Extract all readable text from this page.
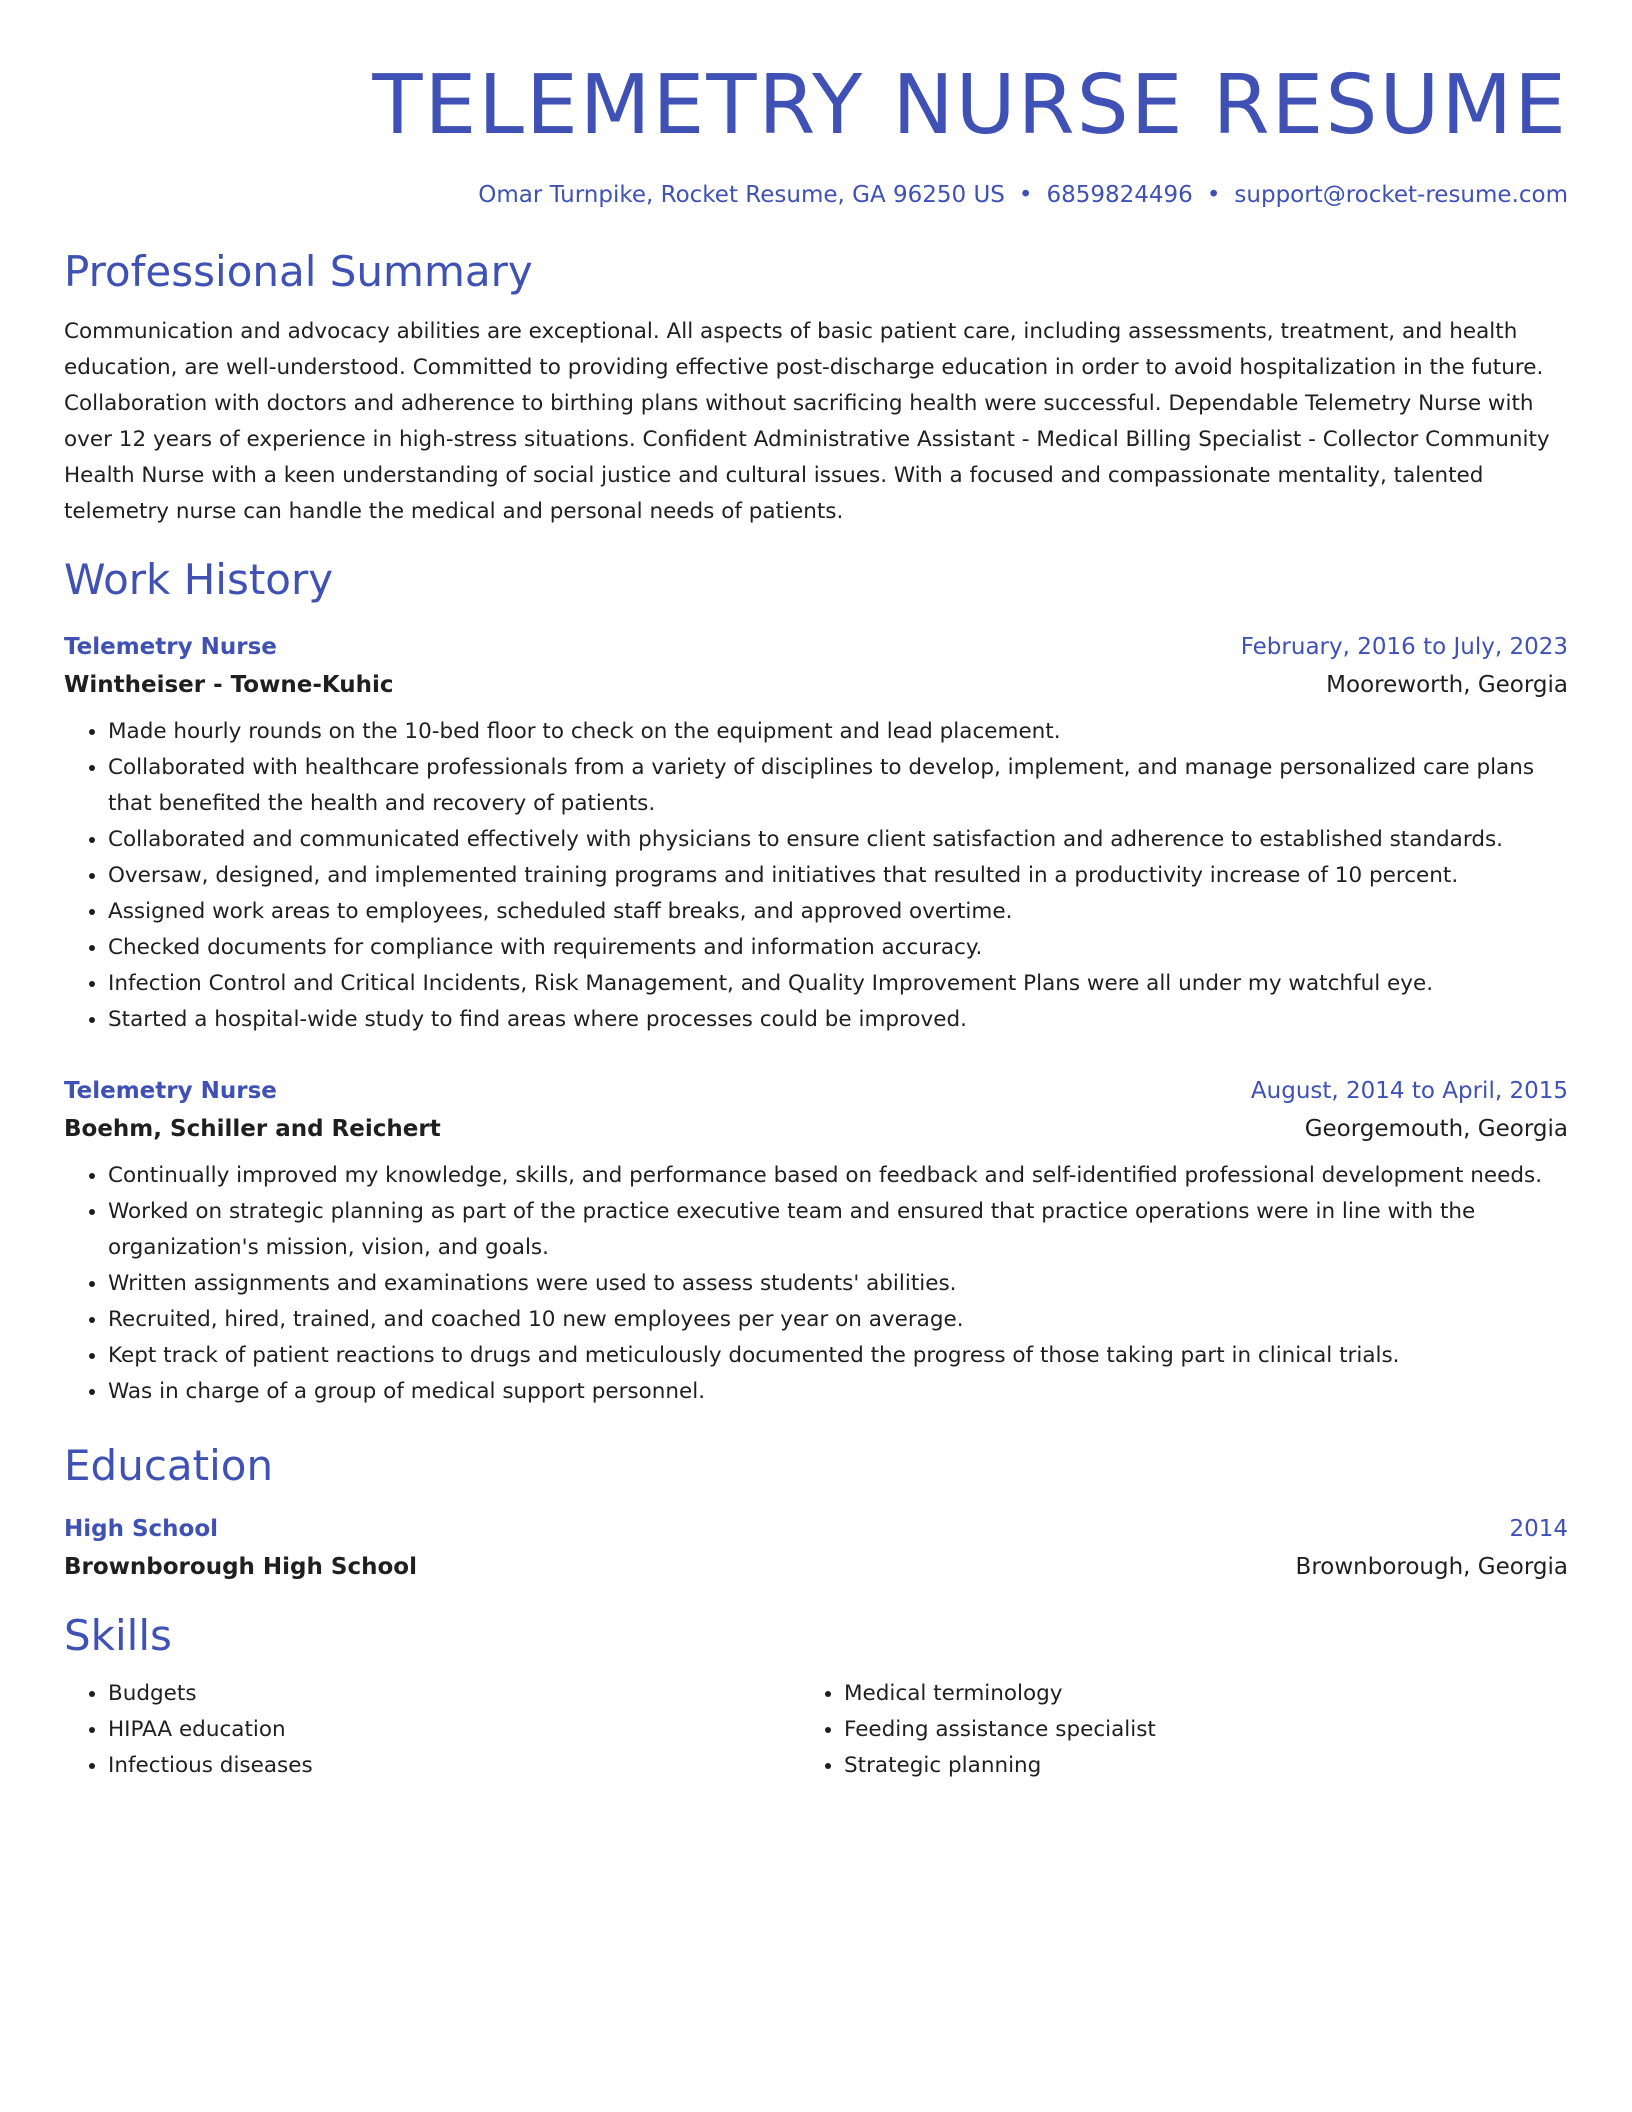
TELEMETRY NURSE RESUME
Omar Turnpike, Rocket Resume, GA 96250 US • 6859824496 • support@rocket-resume.com
Professional Summary

Communication and advocacy abilities are exceptional. All aspects of basic patient care, including assessments, treatment, and health education, are well-understood. Committed to providing effective post-discharge education in order to avoid hospitalization in the future. Collaboration with doctors and adherence to birthing plans without sacrificing health were successful. Dependable Telemetry Nurse with over 12 years of experience in high-stress situations. Confident Administrative Assistant - Medical Billing Specialist - Collector Community Health Nurse with a keen understanding of social justice and cultural issues. With a focused and compassionate mentality, talented telemetry nurse can handle the medical and personal needs of patients.

Work History
Telemetry Nurse	February, 2016 to July, 2023
Wintheiser - Towne-Kuhic	Mooreworth, Georgia
• Made hourly rounds on the 10-bed floor to check on the equipment and lead placement.
• Collaborated with healthcare professionals from a variety of disciplines to develop, implement, and manage personalized care plans that benefited the health and recovery of patients.
• Collaborated and communicated effectively with physicians to ensure client satisfaction and adherence to established standards.
• Oversaw, designed, and implemented training programs and initiatives that resulted in a productivity increase of 10 percent.
• Assigned work areas to employees, scheduled staff breaks, and approved overtime.
• Checked documents for compliance with requirements and information accuracy.
• Infection Control and Critical Incidents, Risk Management, and Quality Improvement Plans were all under my watchful eye.
• Started a hospital-wide study to find areas where processes could be improved.
Telemetry Nurse	August, 2014 to April, 2015
Boehm, Schiller and Reichert	Georgemouth, Georgia
• Continually improved my knowledge, skills, and performance based on feedback and self-identified professional development needs.
• Worked on strategic planning as part of the practice executive team and ensured that practice operations were in line with the organization's mission, vision, and goals.
• Written assignments and examinations were used to assess students' abilities.
• Recruited, hired, trained, and coached 10 new employees per year on average.
• Kept track of patient reactions to drugs and meticulously documented the progress of those taking part in clinical trials.
• Was in charge of a group of medical support personnel.
Education
High School	2014
Brownborough High School	Brownborough, Georgia
Skills
• Budgets
• HIPAA education
• Infectious diseases
• Medical terminology
• Feeding assistance specialist
• Strategic planning
